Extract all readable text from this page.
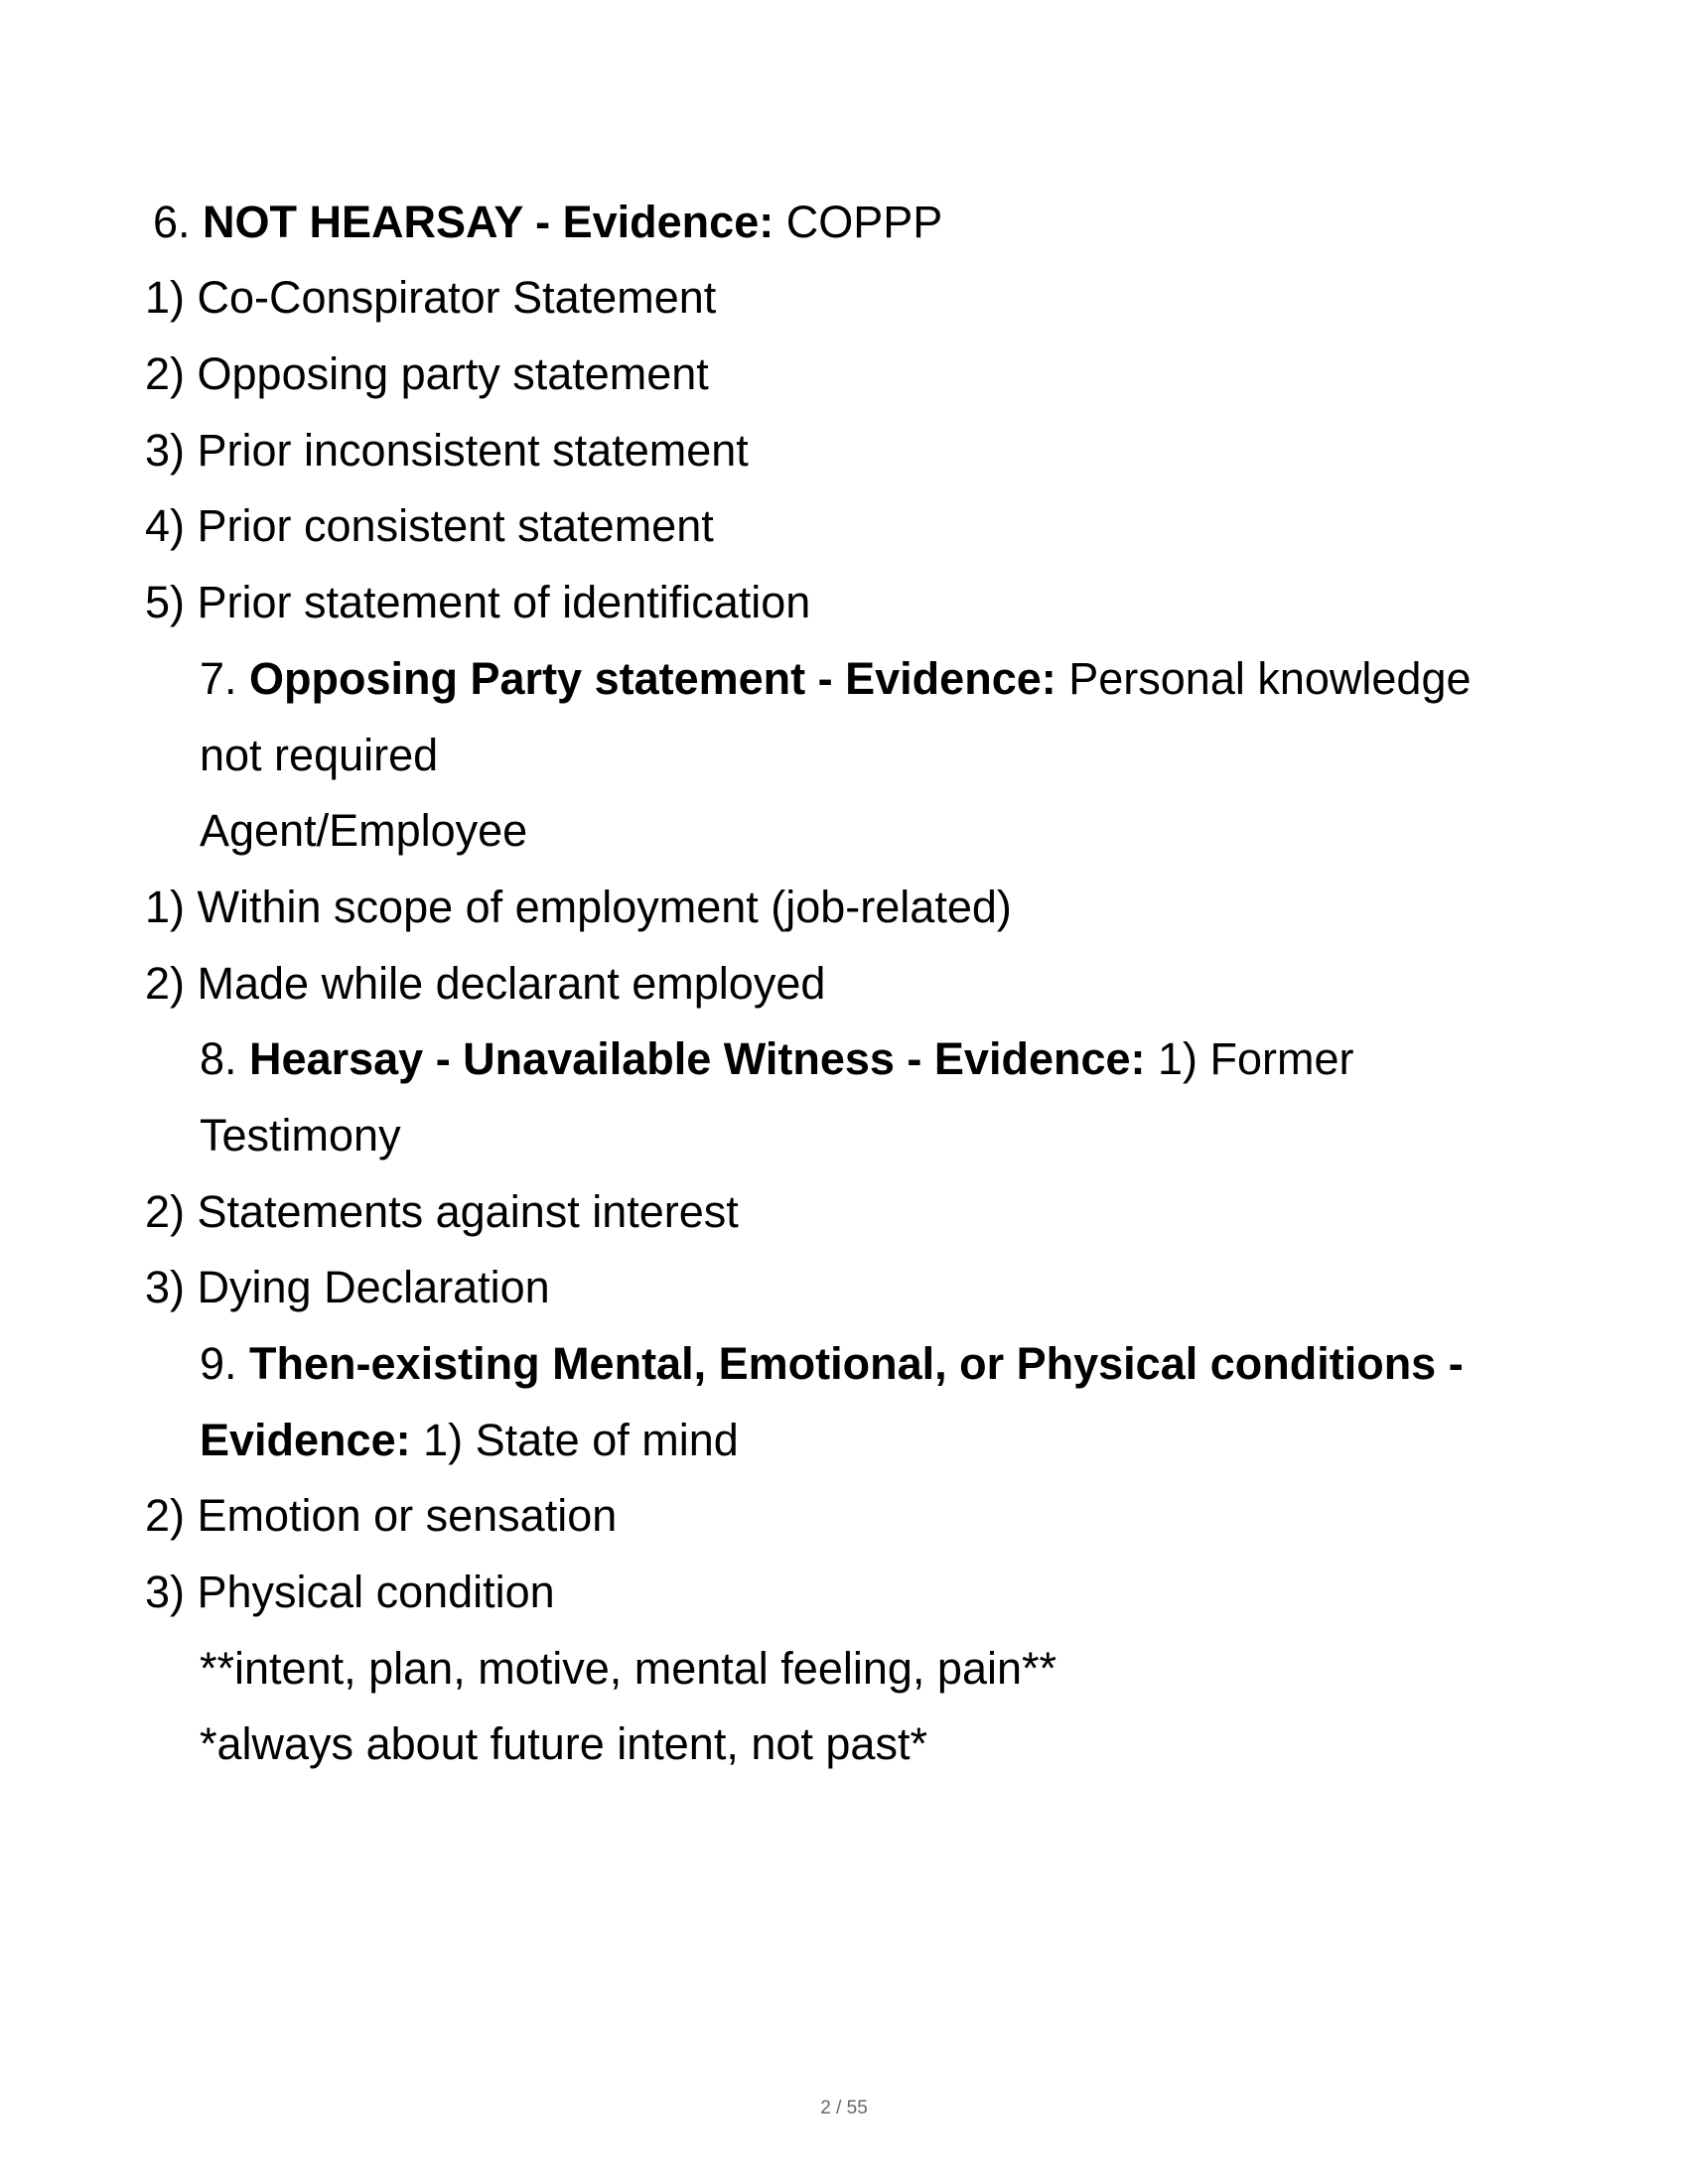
6. NOT HEARSAY - Evidence: COPPP
1) Co-Conspirator Statement
2) Opposing party statement
3) Prior inconsistent statement
4) Prior consistent statement
5) Prior statement of identification
7. Opposing Party statement - Evidence: Personal knowledge
not required
Agent/Employee
1) Within scope of employment (job-related)
2) Made while declarant employed
8. Hearsay - Unavailable Witness - Evidence: 1) Former
Testimony
2) Statements against interest
3) Dying Declaration
9. Then-existing Mental, Emotional, or Physical conditions -
Evidence: 1) State of mind
2) Emotion or sensation
3) Physical condition
**intent, plan, motive, mental feeling, pain**
*always about future intent, not past*
2 / 55
